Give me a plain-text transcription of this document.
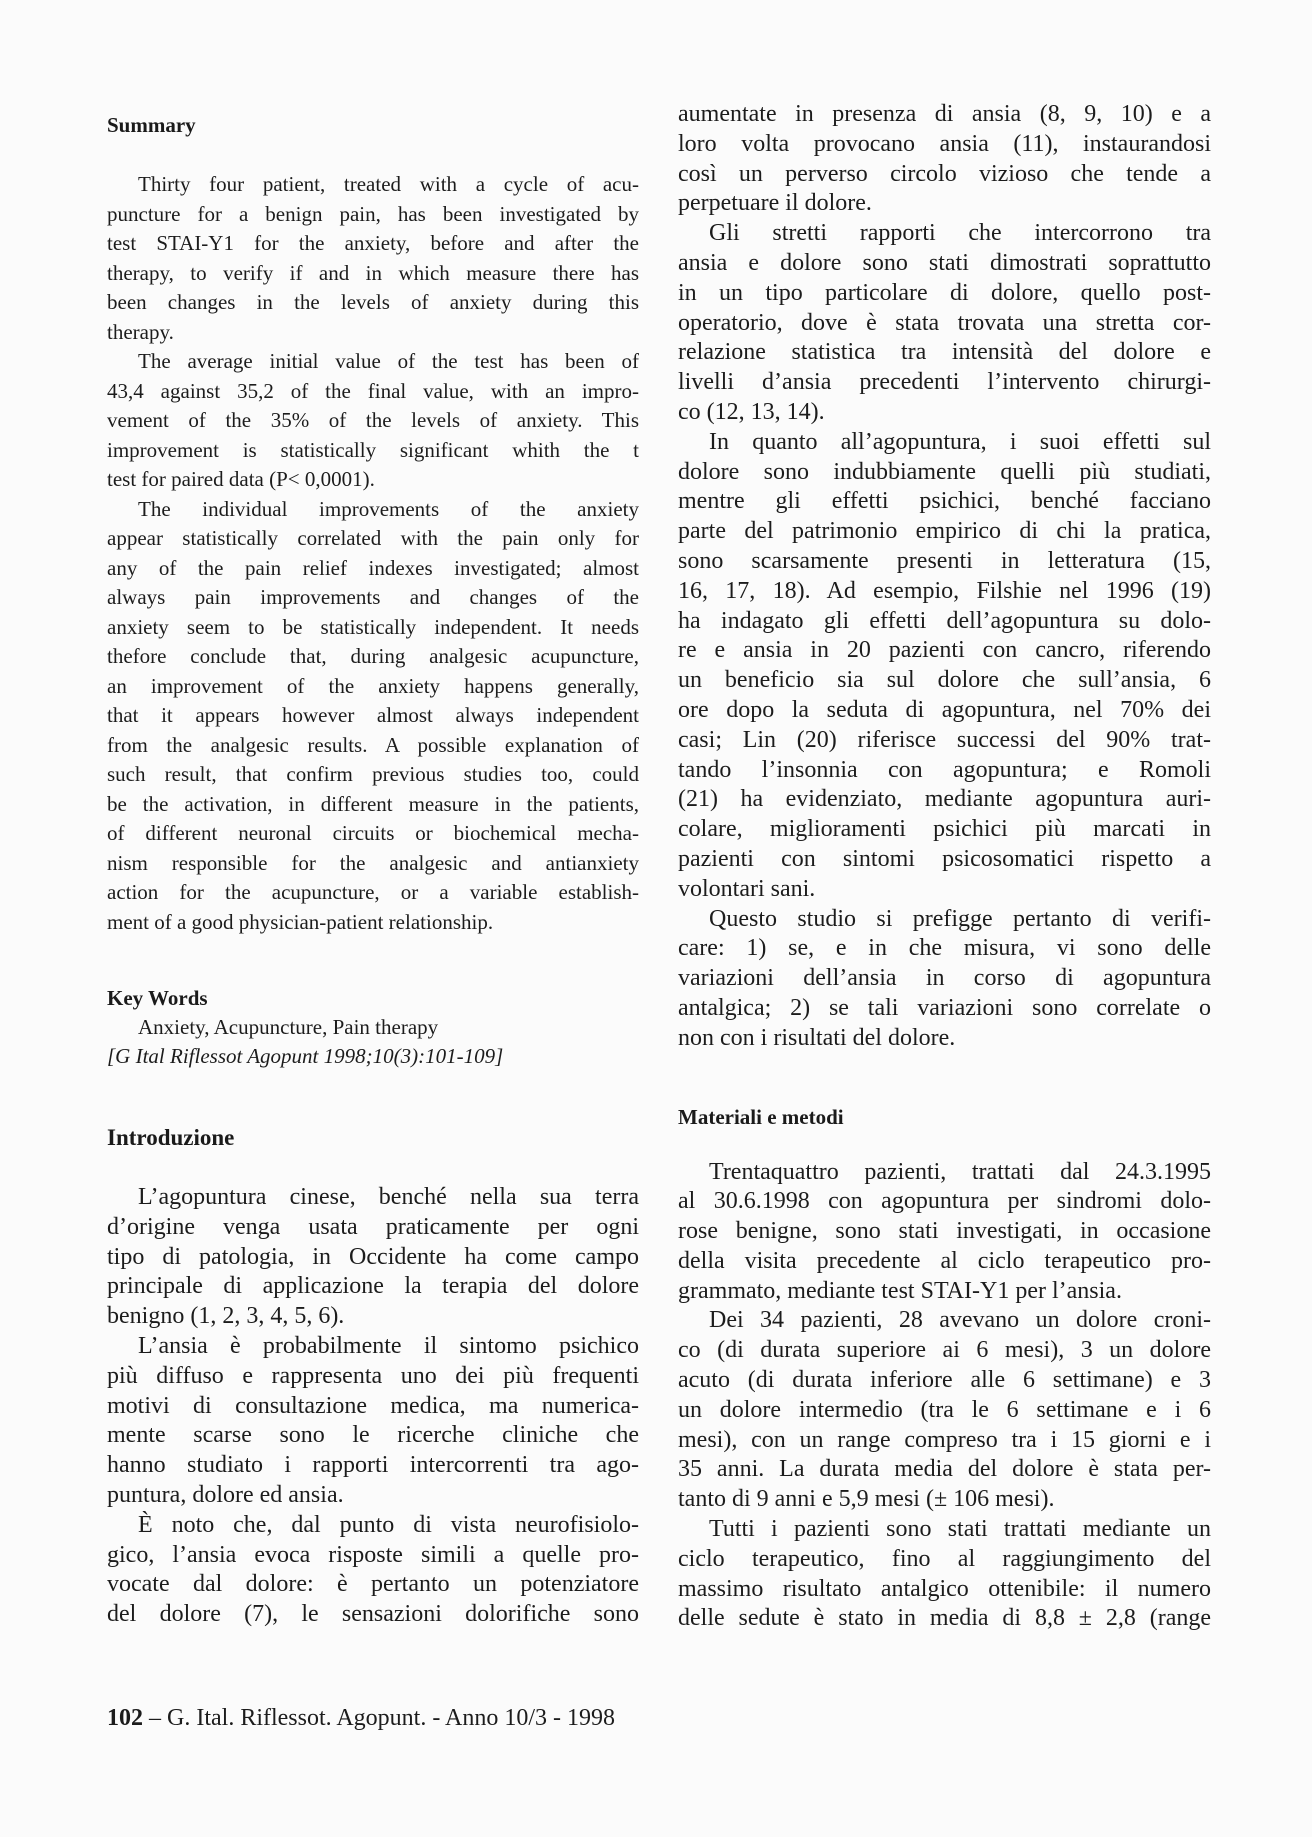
Summary
Thirty four patient, treated with a cycle of acu-
puncture for a benign pain, has been investigated by
test STAI-Y1 for the anxiety, before and after the
therapy, to verify if and in which measure there has
been changes in the levels of anxiety during this
therapy.
The average initial value of the test has been of
43,4 against 35,2 of the final value, with an impro-
vement of the 35% of the levels of anxiety. This
improvement is statistically significant whith the t
test for paired data (P< 0,0001).
The individual improvements of the anxiety
appear statistically correlated with the pain only for
any of the pain relief indexes investigated; almost
always pain improvements and changes of the
anxiety seem to be statistically independent. It needs
thefore conclude that, during analgesic acupuncture,
an improvement of the anxiety happens generally,
that it appears however almost always independent
from the analgesic results. A possible explanation of
such result, that confirm previous studies too, could
be the activation, in different measure in the patients,
of different neuronal circuits or biochemical mecha-
nism responsible for the analgesic and antianxiety
action for the acupuncture, or a variable establish-
ment of a good physician-patient relationship.
Key Words
Anxiety, Acupuncture, Pain therapy
[G Ital Riflessot Agopunt 1998;10(3):101-109]
Introduzione
L’agopuntura cinese, benché nella sua terra
d’origine venga usata praticamente per ogni
tipo di patologia, in Occidente ha come campo
principale di applicazione la terapia del dolore
benigno (1, 2, 3, 4, 5, 6).
L’ansia è probabilmente il sintomo psichico
più diffuso e rappresenta uno dei più frequenti
motivi di consultazione medica, ma numerica-
mente scarse sono le ricerche cliniche che
hanno studiato i rapporti intercorrenti tra ago-
puntura, dolore ed ansia.
È noto che, dal punto di vista neurofisiolo-
gico, l’ansia evoca risposte simili a quelle pro-
vocate dal dolore: è pertanto un potenziatore
del dolore (7), le sensazioni dolorifiche sono
aumentate in presenza di ansia (8, 9, 10) e a
loro volta provocano ansia (11), instaurandosi
così un perverso circolo vizioso che tende a
perpetuare il dolore.
Gli stretti rapporti che intercorrono tra
ansia e dolore sono stati dimostrati soprattutto
in un tipo particolare di dolore, quello post-
operatorio, dove è stata trovata una stretta cor-
relazione statistica tra intensità del dolore e
livelli d’ansia precedenti l’intervento chirurgi-
co (12, 13, 14).
In quanto all’agopuntura, i suoi effetti sul
dolore sono indubbiamente quelli più studiati,
mentre gli effetti psichici, benché facciano
parte del patrimonio empirico di chi la pratica,
sono scarsamente presenti in letteratura (15,
16, 17, 18). Ad esempio, Filshie nel 1996 (19)
ha indagato gli effetti dell’agopuntura su dolo-
re e ansia in 20 pazienti con cancro, riferendo
un beneficio sia sul dolore che sull’ansia, 6
ore dopo la seduta di agopuntura, nel 70% dei
casi; Lin (20) riferisce successi del 90% trat-
tando l’insonnia con agopuntura; e Romoli
(21) ha evidenziato, mediante agopuntura auri-
colare, miglioramenti psichici più marcati in
pazienti con sintomi psicosomatici rispetto a
volontari sani.
Questo studio si prefigge pertanto di verifi-
care: 1) se, e in che misura, vi sono delle
variazioni dell’ansia in corso di agopuntura
antalgica; 2) se tali variazioni sono correlate o
non con i risultati del dolore.
Materiali e metodi
Trentaquattro pazienti, trattati dal 24.3.1995
al 30.6.1998 con agopuntura per sindromi dolo-
rose benigne, sono stati investigati, in occasione
della visita precedente al ciclo terapeutico pro-
grammato, mediante test STAI-Y1 per l’ansia.
Dei 34 pazienti, 28 avevano un dolore croni-
co (di durata superiore ai 6 mesi), 3 un dolore
acuto (di durata inferiore alle 6 settimane) e 3
un dolore intermedio (tra le 6 settimane e i 6
mesi), con un range compreso tra i 15 giorni e i
35 anni. La durata media del dolore è stata per-
tanto di 9 anni e 5,9 mesi (± 106 mesi).
Tutti i pazienti sono stati trattati mediante un
ciclo terapeutico, fino al raggiungimento del
massimo risultato antalgico ottenibile: il numero
delle sedute è stato in media di 8,8 ± 2,8 (range
102 – G. Ital. Riflessot. Agopunt. - Anno 10/3 - 1998
